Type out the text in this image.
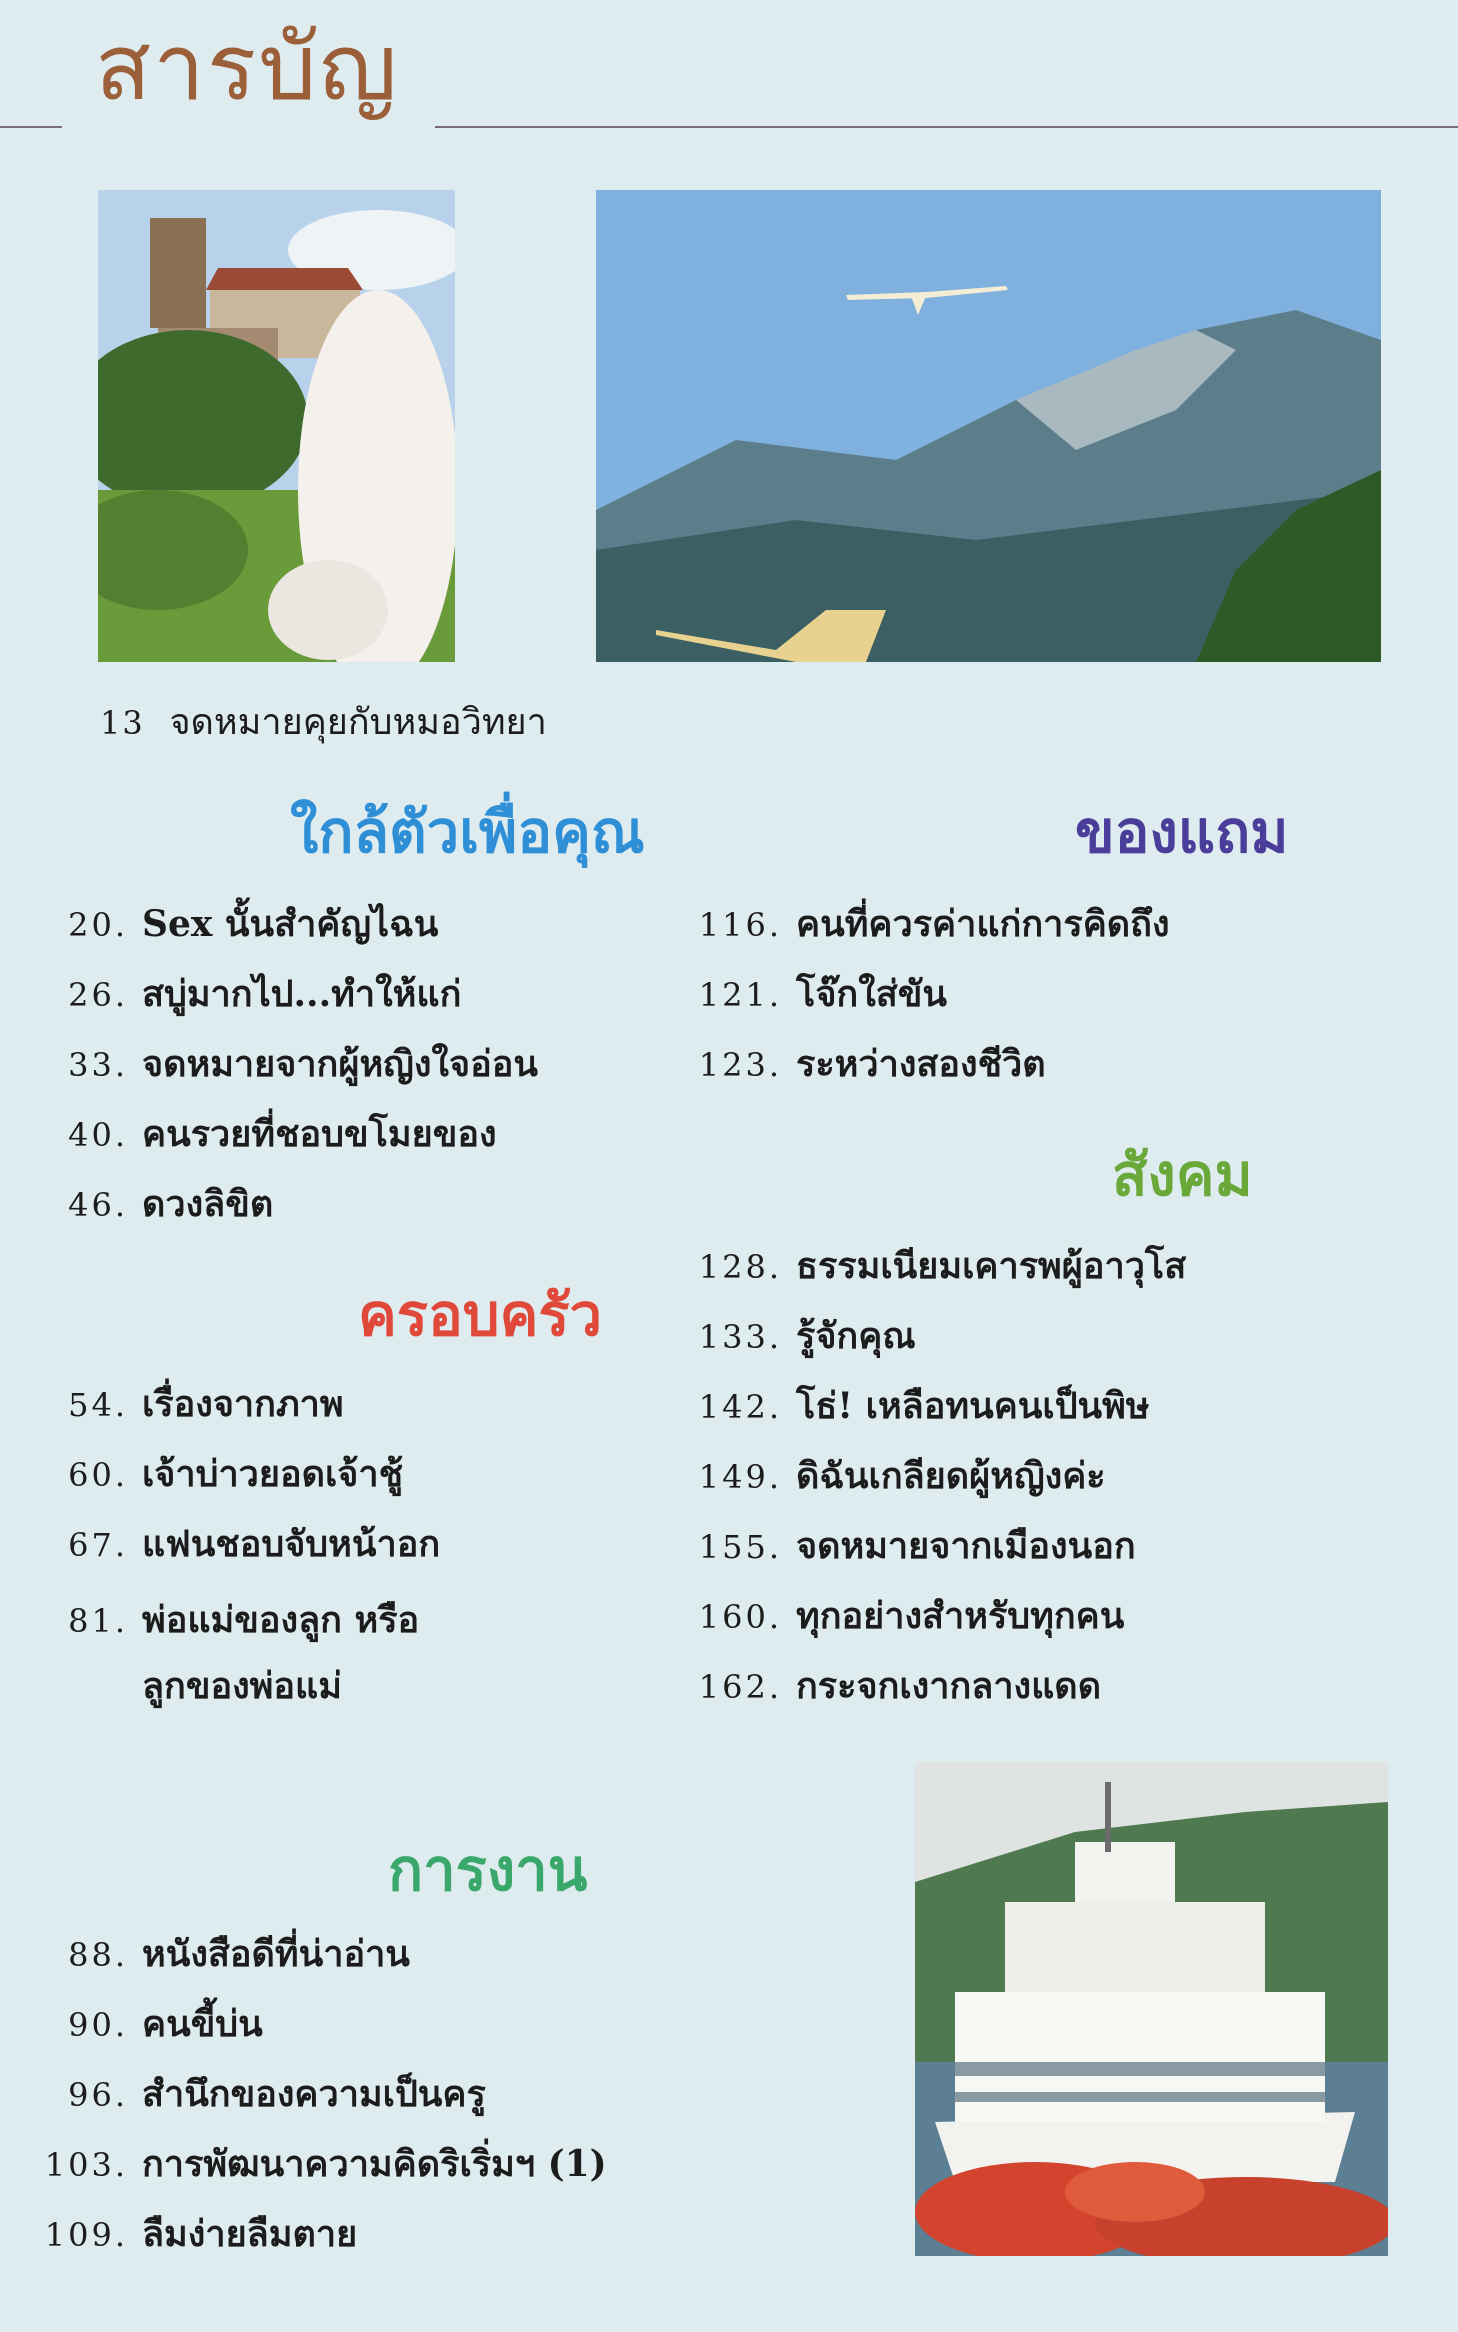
สารบัญ
13 จดหมายคุยกับหมอวิทยา
ใกล้ตัวเพื่อคุณ
20. Sex นั้นสำคัญไฉน
26. สบู่มากไป...ทำให้แก่
33. จดหมายจากผู้หญิงใจอ่อน
40. คนรวยที่ชอบขโมยของ
46. ดวงลิขิต
ครอบครัว
54. เรื่องจากภาพ
60. เจ้าบ่าวยอดเจ้าชู้
67. แฟนชอบจับหน้าอก
81. พ่อแม่ของลูก หรือ
ลูกของพ่อแม่
การงาน
88. หนังสือดีที่น่าอ่าน
90. คนขี้บ่น
96. สำนึกของความเป็นครู
103. การพัฒนาความคิดริเริ่มฯ (1)
109. ลืมง่ายลืมตาย
ของแถม
116. คนที่ควรค่าแก่การคิดถึง
121. โจ๊กใส่ขัน
123. ระหว่างสองชีวิต
สังคม
128. ธรรมเนียมเคารพผู้อาวุโส
133. รู้จักคุณ
142. โธ่! เหลือทนคนเป็นพิษ
149. ดิฉันเกลียดผู้หญิงค่ะ
155. จดหมายจากเมืองนอก
160. ทุกอย่างสำหรับทุกคน
162. กระจกเงากลางแดด
